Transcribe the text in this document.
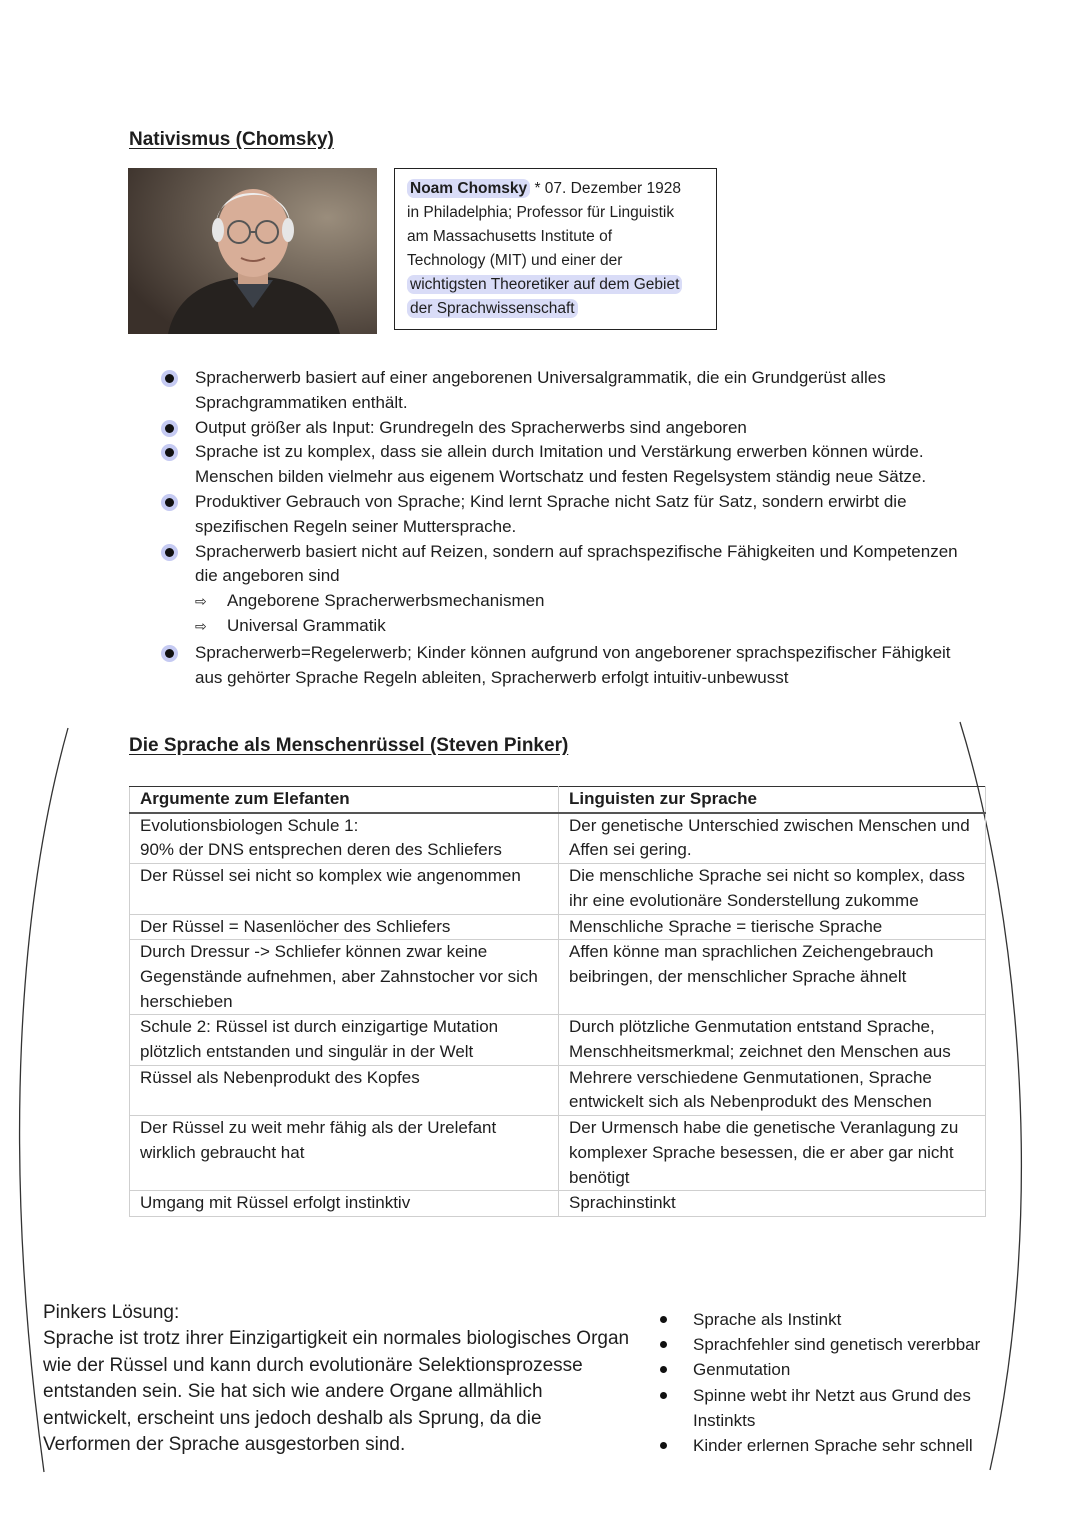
Nativismus (Chomsky)
Noam Chomsky * 07. Dezember 1928
in Philadelphia; Professor für Linguistik
am Massachusetts Institute of
Technology (MIT) und einer der
wichtigsten Theoretiker auf dem Gebiet
der Sprachwissenschaft
Spracherwerb basiert auf einer angeborenen Universalgrammatik, die ein Grundgerüst alles Sprachgrammatiken enthält.
Output größer als Input: Grundregeln des Spracherwerbs sind angeboren
Sprache ist zu komplex, dass sie allein durch Imitation und Verstärkung erwerben können würde. Menschen bilden vielmehr aus eigenem Wortschatz und festen Regelsystem ständig neue Sätze.
Produktiver Gebrauch von Sprache; Kind lernt Sprache nicht Satz für Satz, sondern erwirbt die spezifischen Regeln seiner Muttersprache.
Spracherwerb basiert nicht auf Reizen, sondern auf sprachspezifische Fähigkeiten und Kompetenzen die angeboren sind
⇨ Angeborene Spracherwerbsmechanismen
⇨ Universal Grammatik
Spracherwerb=Regelerwerb; Kinder können aufgrund von angeborener sprachspezifischer Fähigkeit aus gehörter Sprache Regeln ableiten, Spracherwerb erfolgt intuitiv-unbewusst
Die Sprache als Menschenrüssel (Steven Pinker)
Argumente zum Elefanten	Linguisten zur Sprache
Evolutionsbiologen Schule 1:
90% der DNS entsprechen deren des Schliefers	Der genetische Unterschied zwischen Menschen und Affen sei gering.
Der Rüssel sei nicht so komplex wie angenommen	Die menschliche Sprache sei nicht so komplex, dass ihr eine evolutionäre Sonderstellung zukomme
Der Rüssel = Nasenlöcher des Schliefers	Menschliche Sprache = tierische Sprache
Durch Dressur -> Schliefer können zwar keine Gegenstände aufnehmen, aber Zahnstocher vor sich herschieben	Affen könne man sprachlichen Zeichengebrauch beibringen, der menschlicher Sprache ähnelt
Schule 2: Rüssel ist durch einzigartige Mutation plötzlich entstanden und singulär in der Welt	Durch plötzliche Genmutation entstand Sprache, Menschheitsmerkmal; zeichnet den Menschen aus
Rüssel als Nebenprodukt des Kopfes	Mehrere verschiedene Genmutationen, Sprache entwickelt sich als Nebenprodukt des Menschen
Der Rüssel zu weit mehr fähig als der Urelefant wirklich gebraucht hat	Der Urmensch habe die genetische Veranlagung zu komplexer Sprache besessen, die er aber gar nicht benötigt
Umgang mit Rüssel erfolgt instinktiv	Sprachinstinkt
Pinkers Lösung:
Sprache ist trotz ihrer Einzigartigkeit ein normales biologisches Organ wie der Rüssel und kann durch evolutionäre Selektionsprozesse entstanden sein. Sie hat sich wie andere Organe allmählich entwickelt, erscheint uns jedoch deshalb als Sprung, da die Verformen der Sprache ausgestorben sind.
Sprache als Instinkt
Sprachfehler sind genetisch vererbbar
Genmutation
Spinne webt ihr Netzt aus Grund des Instinkts
Kinder erlernen Sprache sehr schnell
